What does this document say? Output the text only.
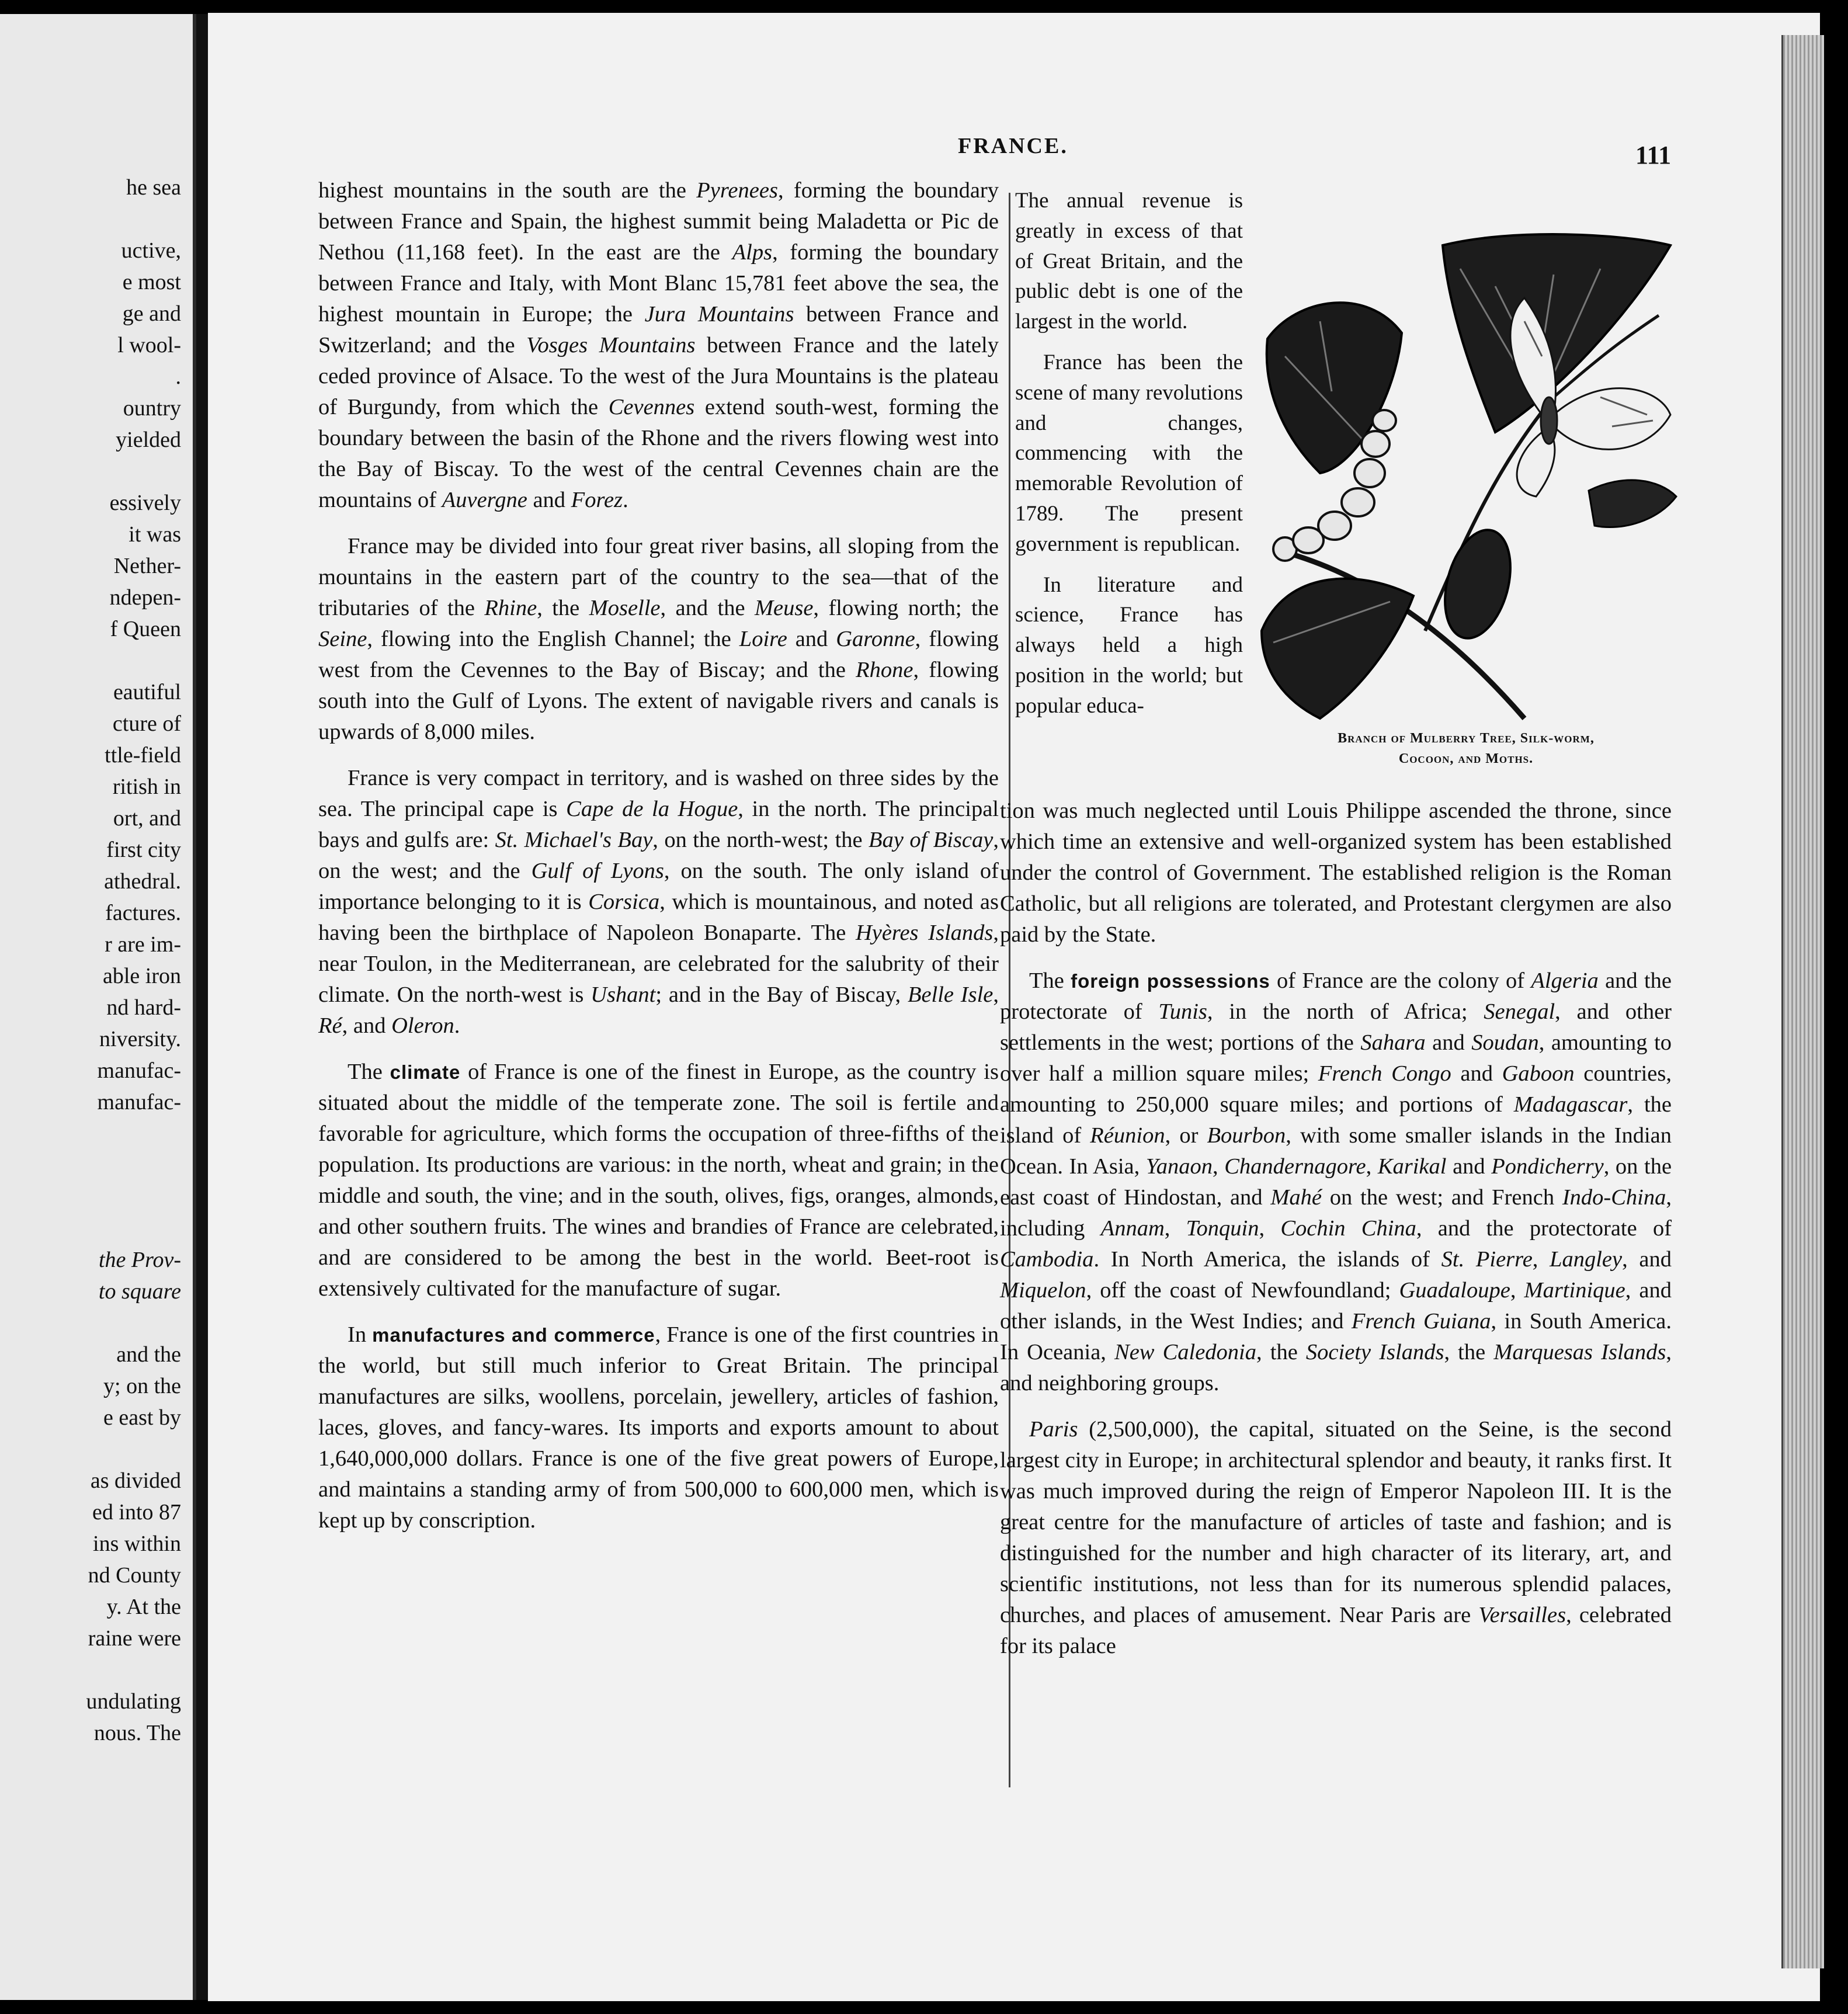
he sea
uctive,
e most
ge and
l wool-
.
ountry
yielded
essively
it was
Nether-
ndepen-
f Queen
eautiful
cture of
ttle-field
ritish in
ort, and
first city
athedral.
factures.
r are im-
able iron
nd hard-
niversity.
manufac-
manufac-
the Prov-
to square
and the
y; on the
e east by
as divided
ed into 87
ins within
nd County
y. At the
raine were
undulating
nous. The
FRANCE.	111

highest mountains in the south are the Pyrenees, forming the boundary between France and Spain, the highest summit being Maladetta or Pic de Nethou (11,168 feet). In the east are the Alps, forming the boundary between France and Italy, with Mont Blanc 15,781 feet above the sea, the highest mountain in Europe; the Jura Mountains between France and Switzerland; and the Vosges Mountains between France and the lately ceded province of Alsace. To the west of the Jura Mountains is the plateau of Burgundy, from which the Cevennes extend south-west, forming the boundary between the basin of the Rhone and the rivers flowing west into the Bay of Biscay. To the west of the central Cevennes chain are the mountains of Auvergne and Forez.

France may be divided into four great river basins, all sloping from the mountains in the eastern part of the country to the sea—that of the tributaries of the Rhine, the Moselle, and the Meuse, flowing north; the Seine, flowing into the English Channel; the Loire and Garonne, flowing west from the Cevennes to the Bay of Biscay; and the Rhone, flowing south into the Gulf of Lyons. The extent of navigable rivers and canals is upwards of 8,000 miles.

France is very compact in territory, and is washed on three sides by the sea. The principal cape is Cape de la Hogue, in the north. The principal bays and gulfs are: St. Michael's Bay, on the north-west; the Bay of Biscay, on the west; and the Gulf of Lyons, on the south. The only island of importance belonging to it is Corsica, which is mountainous, and noted as having been the birthplace of Napoleon Bonaparte. The Hyères Islands, near Toulon, in the Mediterranean, are celebrated for the salubrity of their climate. On the north-west is Ushant; and in the Bay of Biscay, Belle Isle, Ré, and Oleron.

The climate of France is one of the finest in Europe, as the country is situated about the middle of the temperate zone. The soil is fertile and favorable for agriculture, which forms the occupation of three-fifths of the population. Its productions are various: in the north, wheat and grain; in the middle and south, the vine; and in the south, olives, figs, oranges, almonds, and other southern fruits. The wines and brandies of France are celebrated, and are considered to be among the best in the world. Beet-root is extensively cultivated for the manufacture of sugar.

In manufactures and commerce, France is one of the first countries in the world, but still much inferior to Great Britain. The principal manufactures are silks, woollens, porcelain, jewellery, articles of fashion, laces, gloves, and fancy-wares. Its imports and exports amount to about 1,640,000,000 dollars. France is one of the five great powers of Europe, and maintains a standing army of from 500,000 to 600,000 men, which is kept up by conscription.

The annual revenue is greatly in excess of that of Great Britain, and the public debt is one of the largest in the world.

France has been the scene of many revolutions and changes, commencing with the memorable Revolution of 1789. The present government is republican.

In literature and science, France has always held a high position in the world; but popular educa-

Branch of Mulberry Tree, Silk-worm,
Cocoon, and Moths.

tion was much neglected until Louis Philippe ascended the throne, since which time an extensive and well-organized system has been established under the control of Government. The established religion is the Roman Catholic, but all religions are tolerated, and Protestant clergymen are also paid by the State.

The foreign possessions of France are the colony of Algeria and the protectorate of Tunis, in the north of Africa; Senegal, and other settlements in the west; portions of the Sahara and Soudan, amounting to over half a million square miles; French Congo and Gaboon countries, amounting to 250,000 square miles; and portions of Madagascar, the island of Réunion, or Bourbon, with some smaller islands in the Indian Ocean. In Asia, Yanaon, Chandernagore, Karikal and Pondicherry, on the east coast of Hindostan, and Mahé on the west; and French Indo-China, including Annam, Tonquin, Cochin China, and the protectorate of Cambodia. In North America, the islands of St. Pierre, Langley, and Miquelon, off the coast of Newfoundland; Guadaloupe, Martinique, and other islands, in the West Indies; and French Guiana, in South America. In Oceania, New Caledonia, the Society Islands, the Marquesas Islands, and neighboring groups.

Paris (2,500,000), the capital, situated on the Seine, is the second largest city in Europe; in architectural splendor and beauty, it ranks first. It was much improved during the reign of Emperor Napoleon III. It is the great centre for the manufacture of articles of taste and fashion; and is distinguished for the number and high character of its literary, art, and scientific institutions, not less than for its numerous splendid palaces, churches, and places of amusement. Near Paris are Versailles, celebrated for its palace
